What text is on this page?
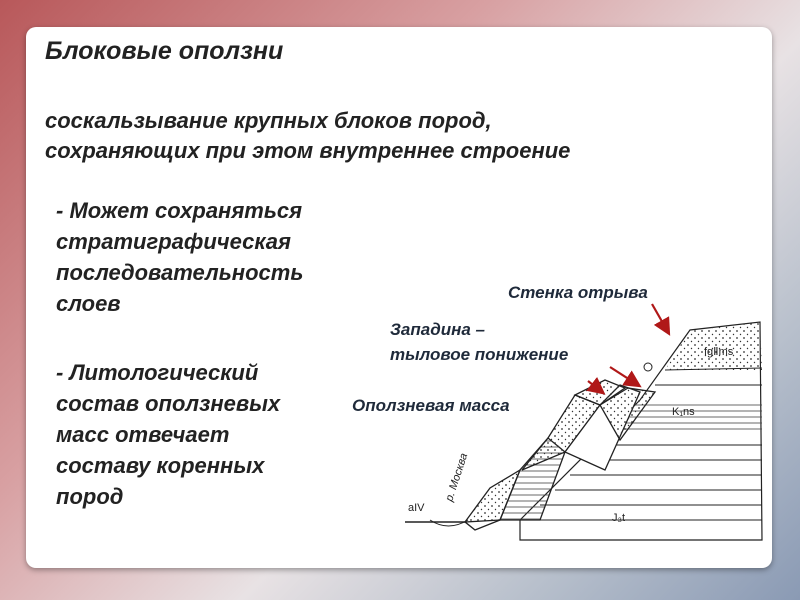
Блоковые оползни
соскальзывание крупных блоков пород,
сохраняющих при этом внутреннее строение
- Может сохраняться
стратиграфическая
последовательность
слоев
- Литологический
состав оползневых
масс отвечает
составу коренных
пород	aIV
р. Москва
fgⅡms
K₁ns
J₃t
Стенка отрыва
Западина –
тыловое понижение
Оползневая масса
